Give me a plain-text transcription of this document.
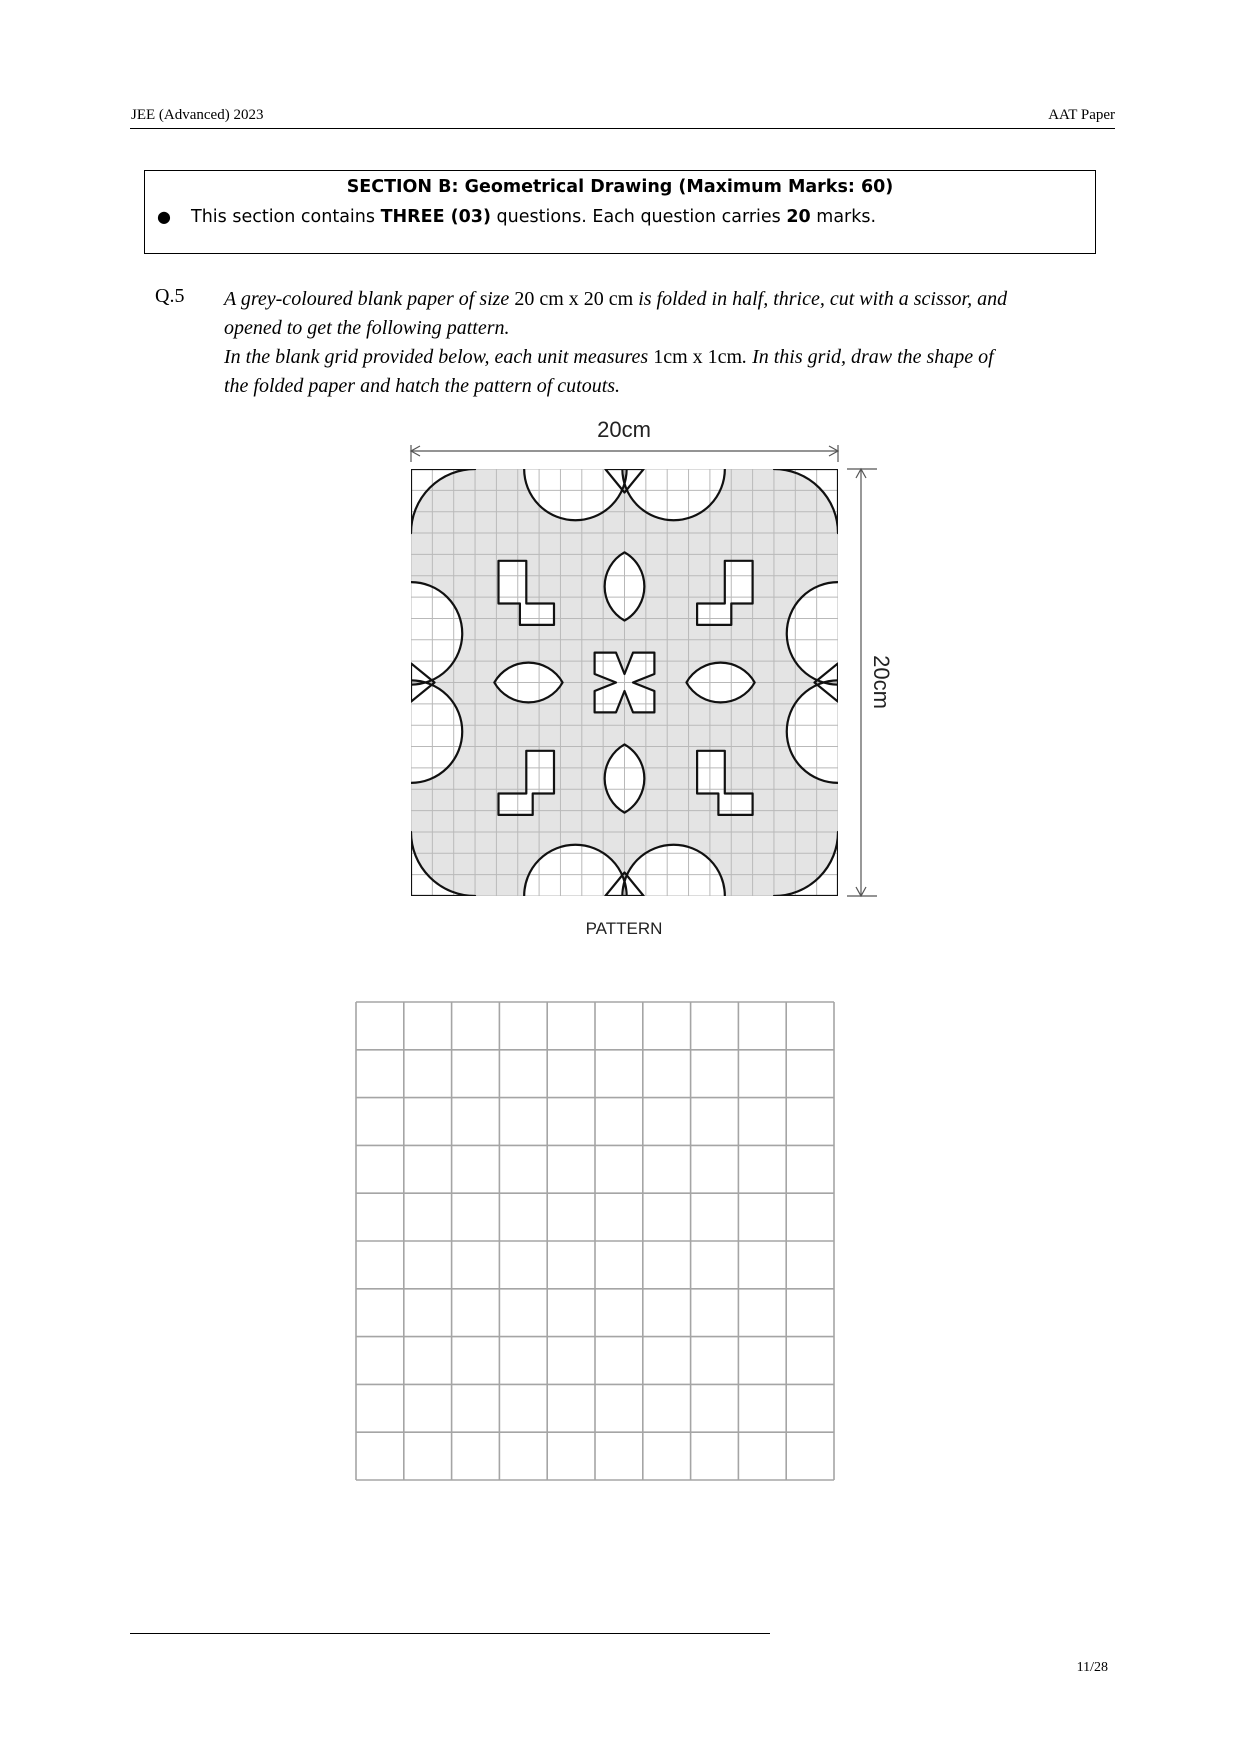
JEE (Advanced) 2023	AAT Paper
SECTION B: Geometrical Drawing (Maximum Marks: 60)
● This section contains THREE (03) questions. Each question carries 20 marks.
Q.5 A grey-coloured blank paper of size 20 cm x 20 cm is folded in half, thrice, cut with a scissor, and

opened to get the following pattern.

In the blank grid provided below, each unit measures 1cm x 1cm. In this grid, draw the shape of

the folded paper and hatch the pattern of cutouts.

20cm
20cm
PATTERN
11/28
